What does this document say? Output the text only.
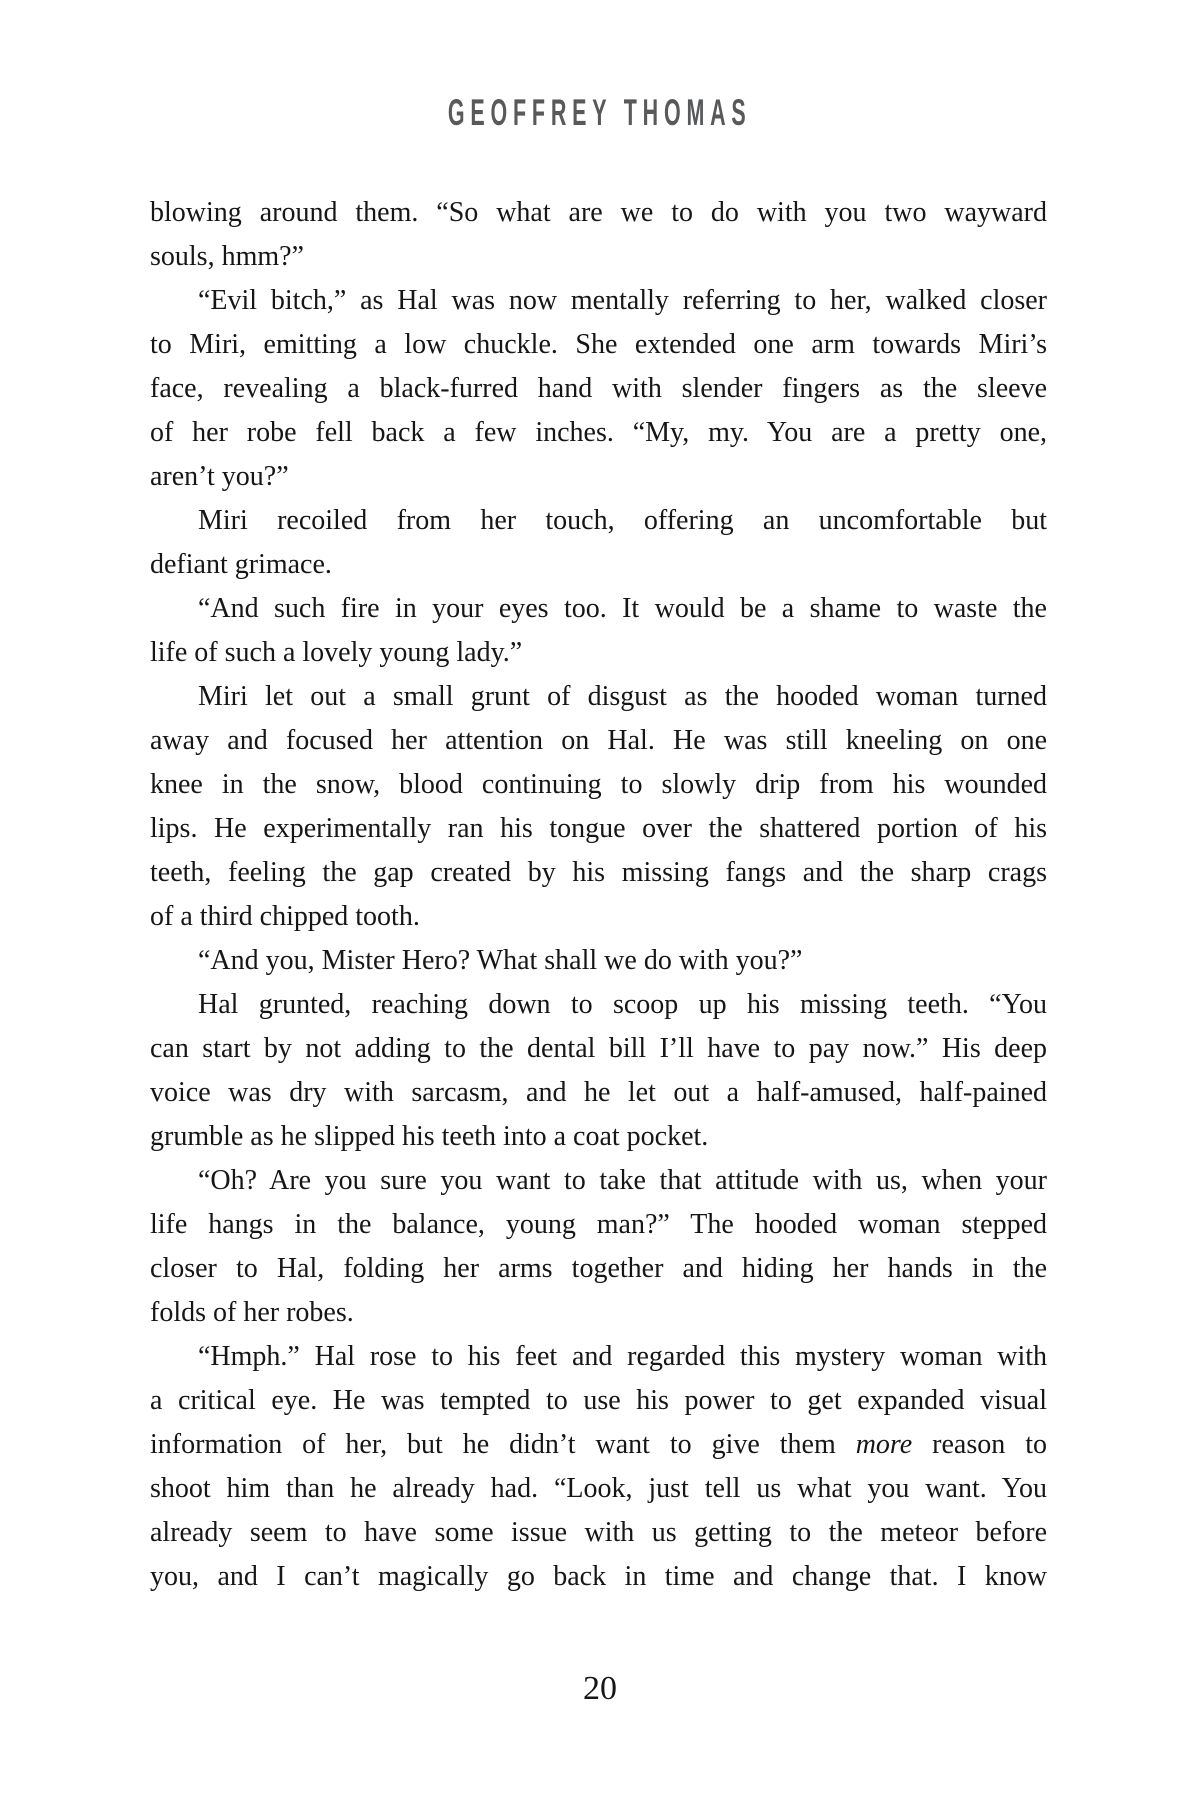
GEOFFREY THOMAS
blowing around them. “So what are we to do with you two wayward
souls, hmm?”
“Evil bitch,” as Hal was now mentally referring to her, walked closer
to Miri, emitting a low chuckle. She extended one arm towards Miri’s
face, revealing a black-furred hand with slender fingers as the sleeve
of her robe fell back a few inches. “My, my. You are a pretty one,
aren’t you?”
Miri recoiled from her touch, offering an uncomfortable but
defiant grimace.
“And such fire in your eyes too. It would be a shame to waste the
life of such a lovely young lady.”
Miri let out a small grunt of disgust as the hooded woman turned
away and focused her attention on Hal. He was still kneeling on one
knee in the snow, blood continuing to slowly drip from his wounded
lips. He experimentally ran his tongue over the shattered portion of his
teeth, feeling the gap created by his missing fangs and the sharp crags
of a third chipped tooth.
“And you, Mister Hero? What shall we do with you?”
Hal grunted, reaching down to scoop up his missing teeth. “You
can start by not adding to the dental bill I’ll have to pay now.” His deep
voice was dry with sarcasm, and he let out a half-amused, half-pained
grumble as he slipped his teeth into a coat pocket.
“Oh? Are you sure you want to take that attitude with us, when your
life hangs in the balance, young man?” The hooded woman stepped
closer to Hal, folding her arms together and hiding her hands in the
folds of her robes.
“Hmph.” Hal rose to his feet and regarded this mystery woman with
a critical eye. He was tempted to use his power to get expanded visual
information of her, but he didn’t want to give them more reason to
shoot him than he already had. “Look, just tell us what you want. You
already seem to have some issue with us getting to the meteor before
you, and I can’t magically go back in time and change that. I know
20
